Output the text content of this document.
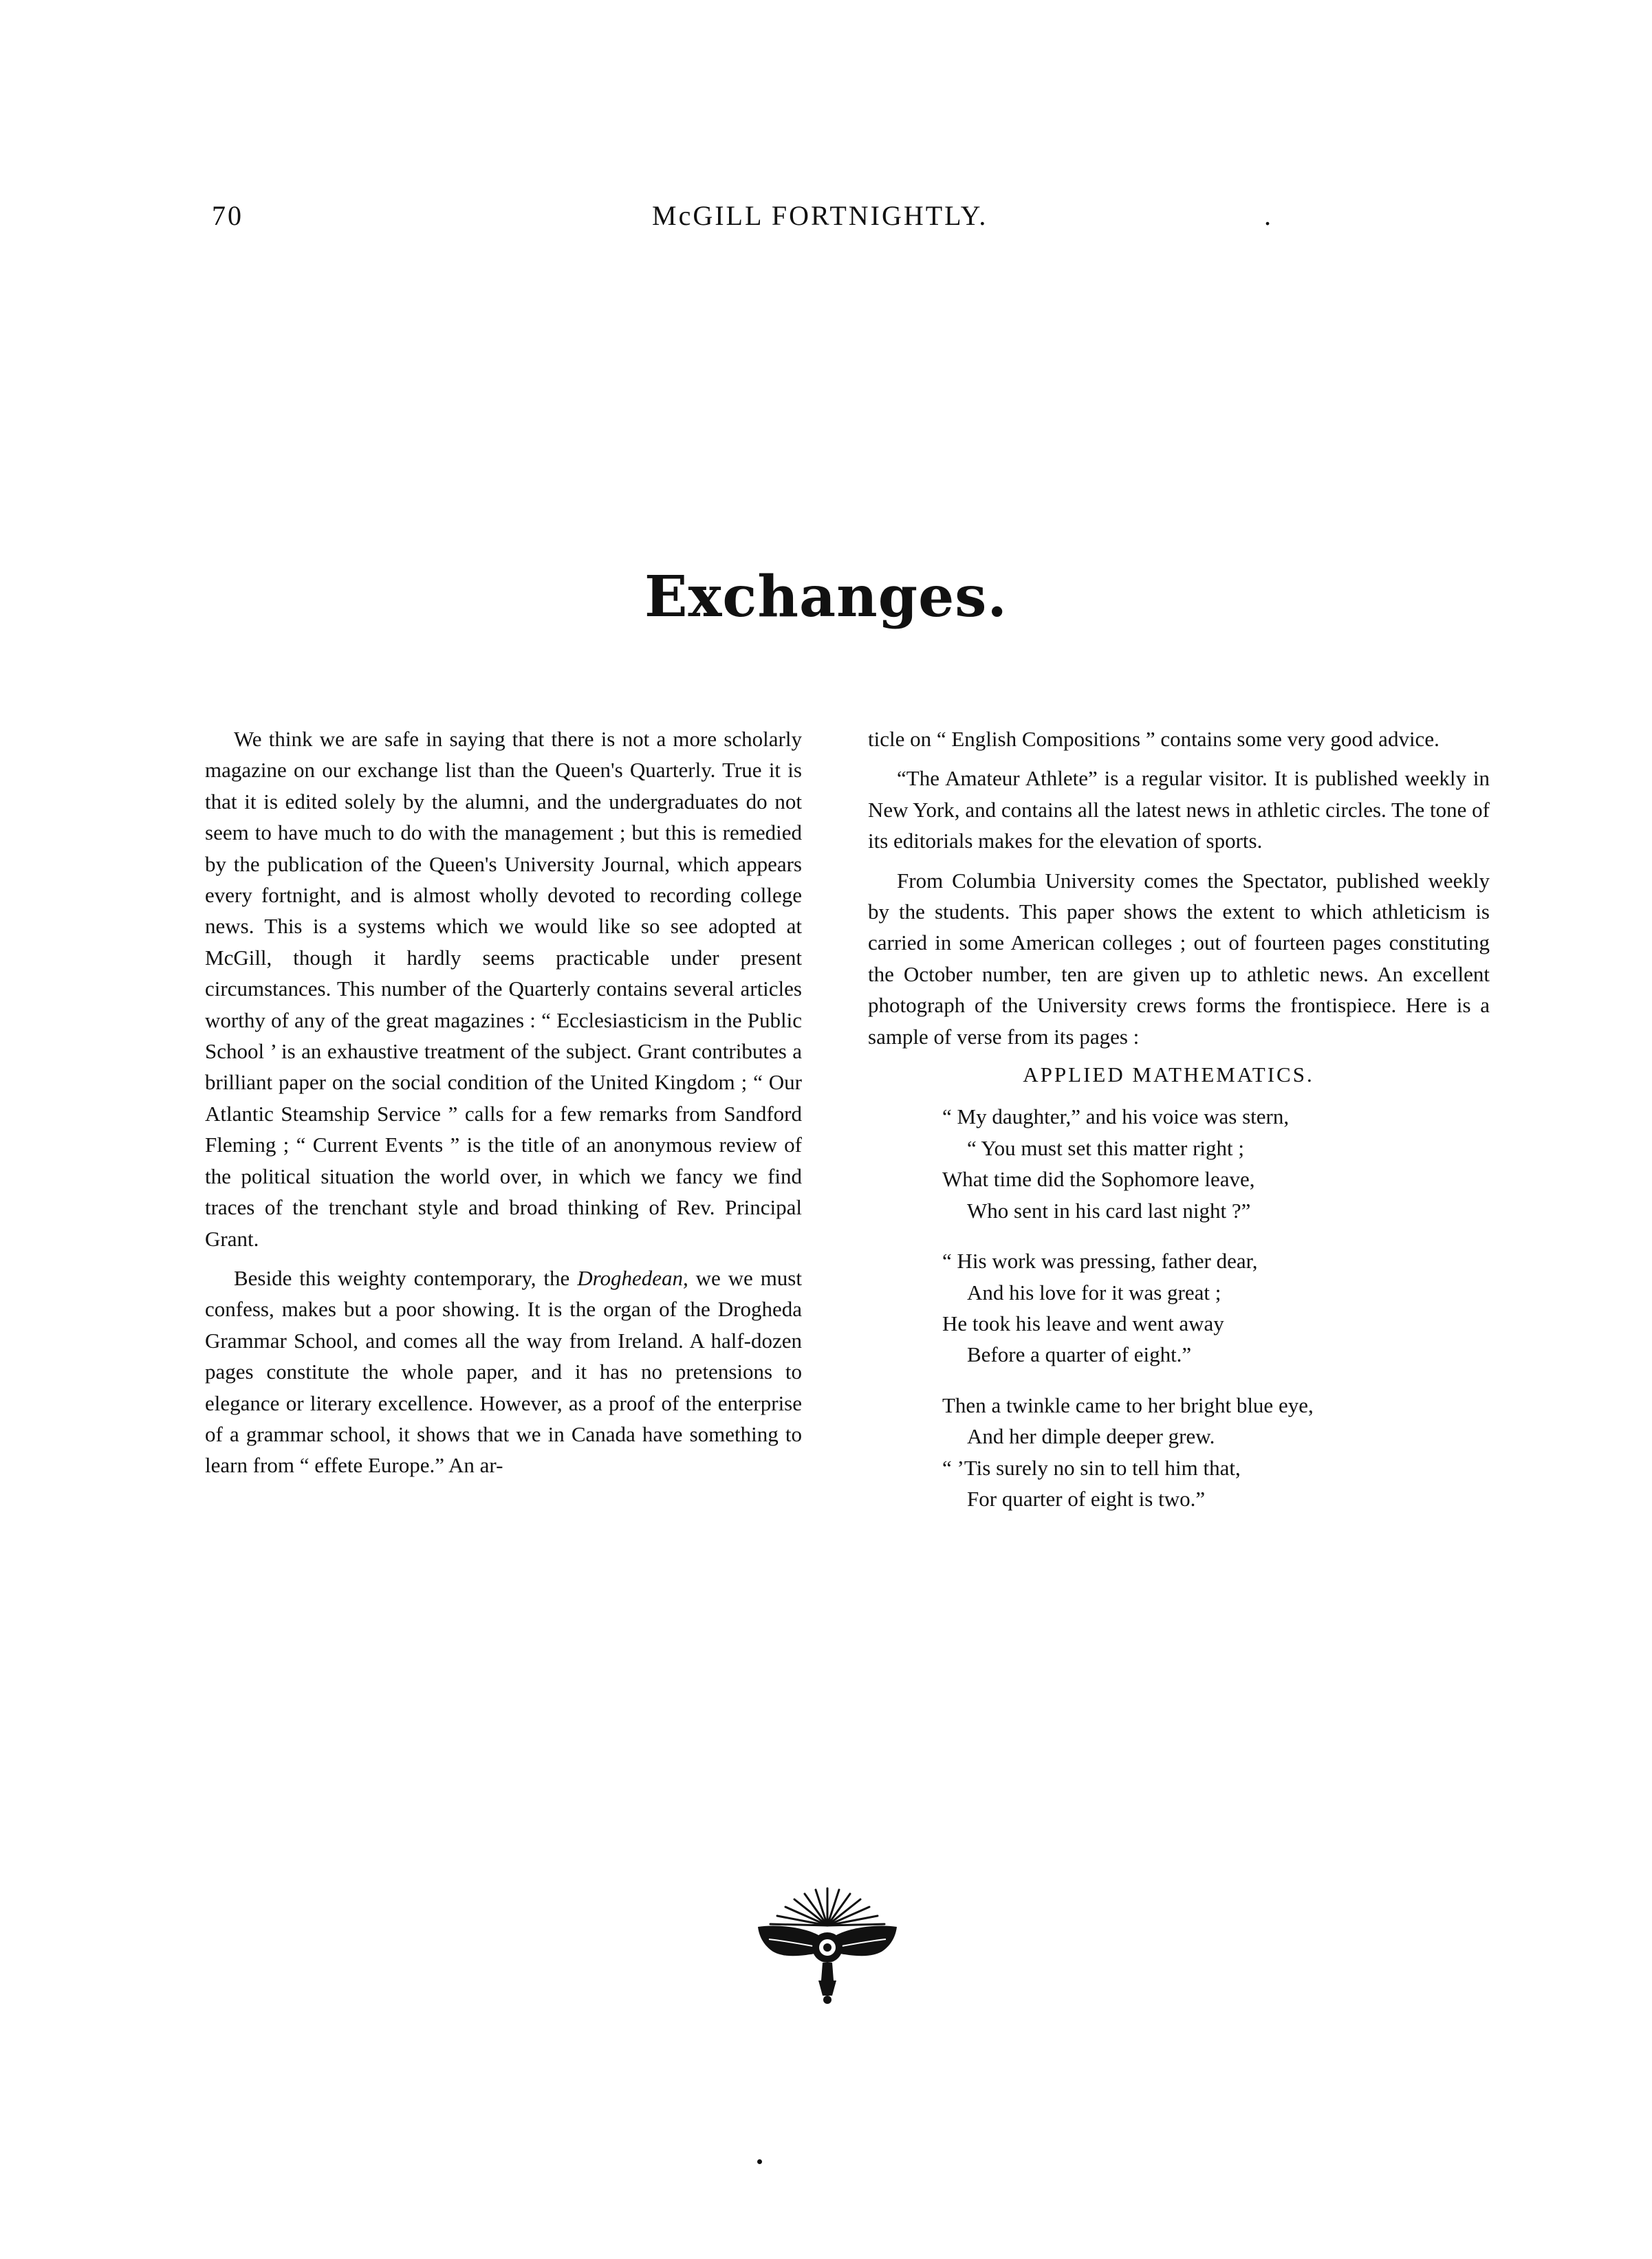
70	McGILL FORTNIGHTLY.	.
Exchanges.

We think we are safe in saying that there is not a more scholarly magazine on our exchange list than the Queen's Quarterly. True it is that it is edited solely by the alumni, and the undergraduates do not seem to have much to do with the management ; but this is remedied by the publication of the Queen's University Journal, which appears every fortnight, and is almost wholly devoted to recording college news. This is a systems which we would like so see adopted at McGill, though it hardly seems practicable under present circumstances. This number of the Quarterly contains several articles worthy of any of the great magazines : “ Ecclesiasticism in the Public School ’ is an exhaustive treatment of the subject. Grant contributes a brilliant paper on the social condition of the United Kingdom ; “ Our Atlantic Steamship Service ” calls for a few remarks from Sandford Fleming ; “ Current Events ” is the title of an anonymous review of the political situation the world over, in which we fancy we find traces of the trenchant style and broad thinking of Rev. Principal Grant.

Beside this weighty contemporary, the Droghedean, we we must confess, makes but a poor showing. It is the organ of the Drogheda Grammar School, and comes all the way from Ireland. A half-dozen pages constitute the whole paper, and it has no pretensions to elegance or literary excellence. However, as a proof of the enterprise of a grammar school, it shows that we in Canada have something to learn from “ effete Europe.” An ar-

ticle on “ English Compositions ” contains some very good advice.

“The Amateur Athlete” is a regular visitor. It is published weekly in New York, and contains all the latest news in athletic circles. The tone of its editorials makes for the elevation of sports.

From Columbia University comes the Spectator, published weekly by the students. This paper shows the extent to which athleticism is carried in some American colleges ; out of fourteen pages constituting the October number, ten are given up to athletic news. An excellent photograph of the University crews forms the frontispiece. Here is a sample of verse from its pages :

APPLIED MATHEMATICS.
“ My daughter,” and his voice was stern,
“ You must set this matter right ;
What time did the Sophomore leave,
Who sent in his card last night ?”
“ His work was pressing, father dear,
And his love for it was great ;
He took his leave and went away
Before a quarter of eight.”
Then a twinkle came to her bright blue eye,
And her dimple deeper grew.
“ ’Tis surely no sin to tell him that,
For quarter of eight is two.”
